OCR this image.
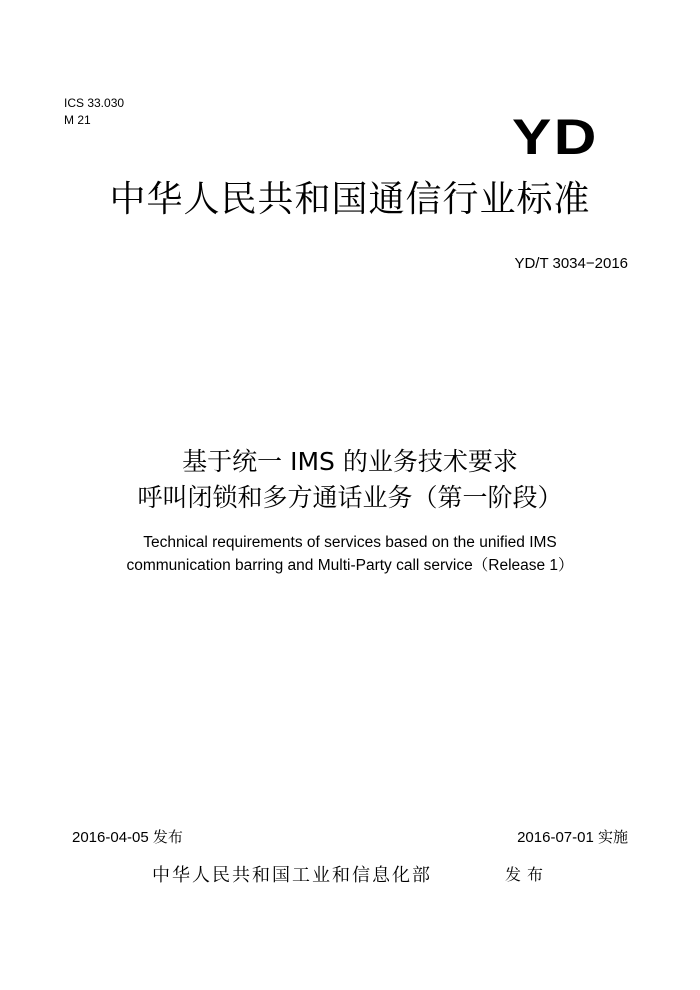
ICS 33.030
M 21	YD
中华人民共和国通信行业标准
YD/T 3034−2016
基于统一 IMS 的业务技术要求
呼叫闭锁和多方通话业务（第一阶段）
Technical requirements of services based on the unified IMS
communication barring and Multi-Party call service（Release 1）
2016-04-05 发布	2016-07-01 实施
中华人民共和国工业和信息化部	发布
